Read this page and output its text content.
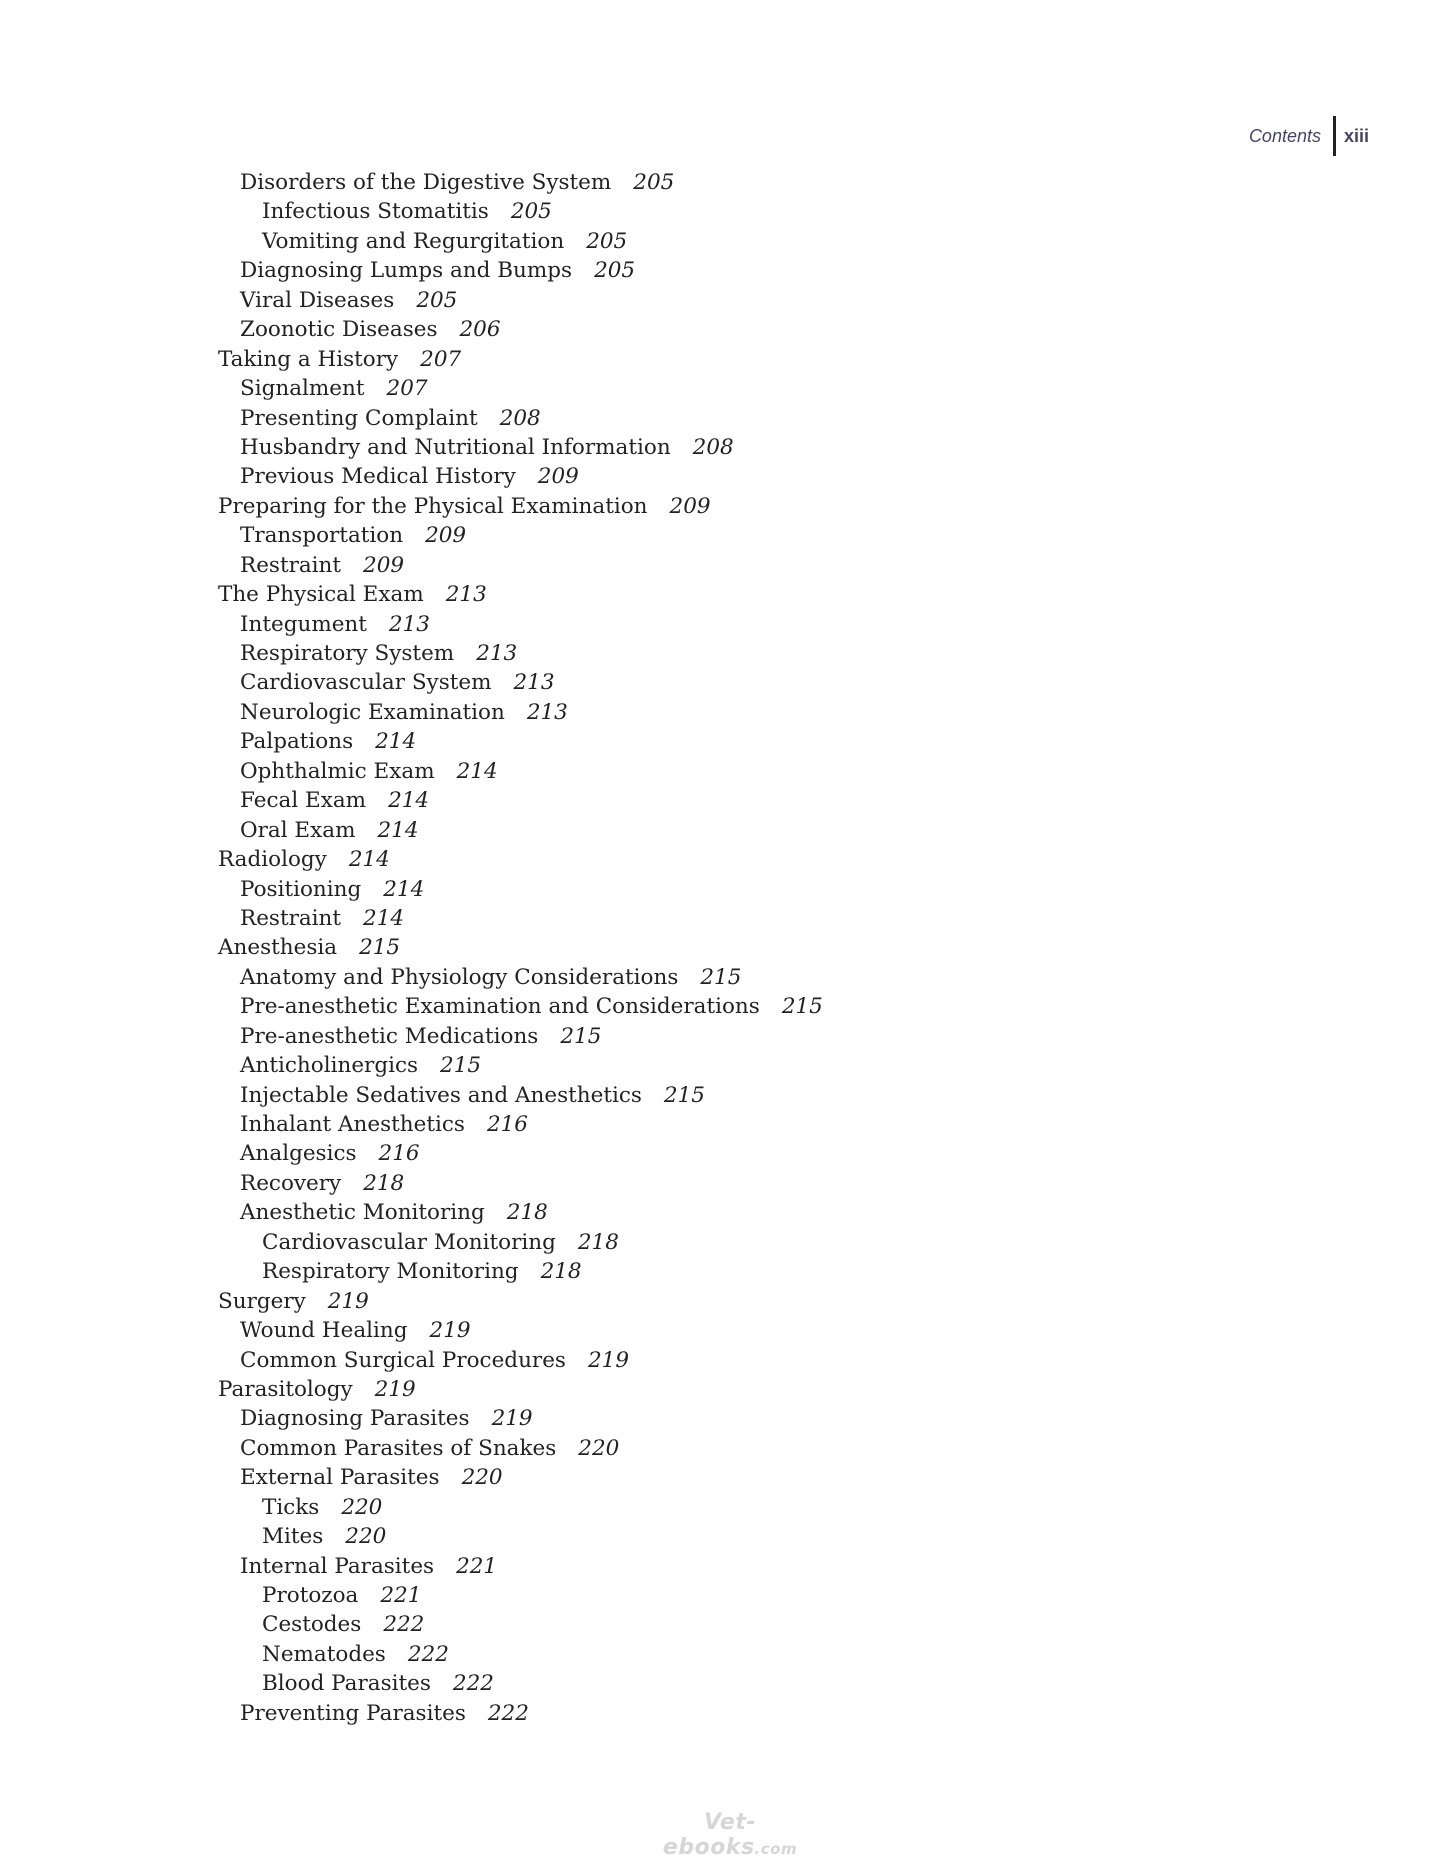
Contents xiii
Disorders of the Digestive System 205
Infectious Stomatitis 205
Vomiting and Regurgitation 205
Diagnosing Lumps and Bumps 205
Viral Diseases 205
Zoonotic Diseases 206
Taking a History 207
Signalment 207
Presenting Complaint 208
Husbandry and Nutritional Information 208
Previous Medical History 209
Preparing for the Physical Examination 209
Transportation 209
Restraint 209
The Physical Exam 213
Integument 213
Respiratory System 213
Cardiovascular System 213
Neurologic Examination 213
Palpations 214
Ophthalmic Exam 214
Fecal Exam 214
Oral Exam 214
Radiology 214
Positioning 214
Restraint 214
Anesthesia 215
Anatomy and Physiology Considerations 215
Pre-anesthetic Examination and Considerations 215
Pre-anesthetic Medications 215
Anticholinergics 215
Injectable Sedatives and Anesthetics 215
Inhalant Anesthetics 216
Analgesics 216
Recovery 218
Anesthetic Monitoring 218
Cardiovascular Monitoring 218
Respiratory Monitoring 218
Surgery 219
Wound Healing 219
Common Surgical Procedures 219
Parasitology 219
Diagnosing Parasites 219
Common Parasites of Snakes 220
External Parasites 220
Ticks 220
Mites 220
Internal Parasites 221
Protozoa 221
Cestodes 222
Nematodes 222
Blood Parasites 222
Preventing Parasites 222
Vet-ebooks.com
